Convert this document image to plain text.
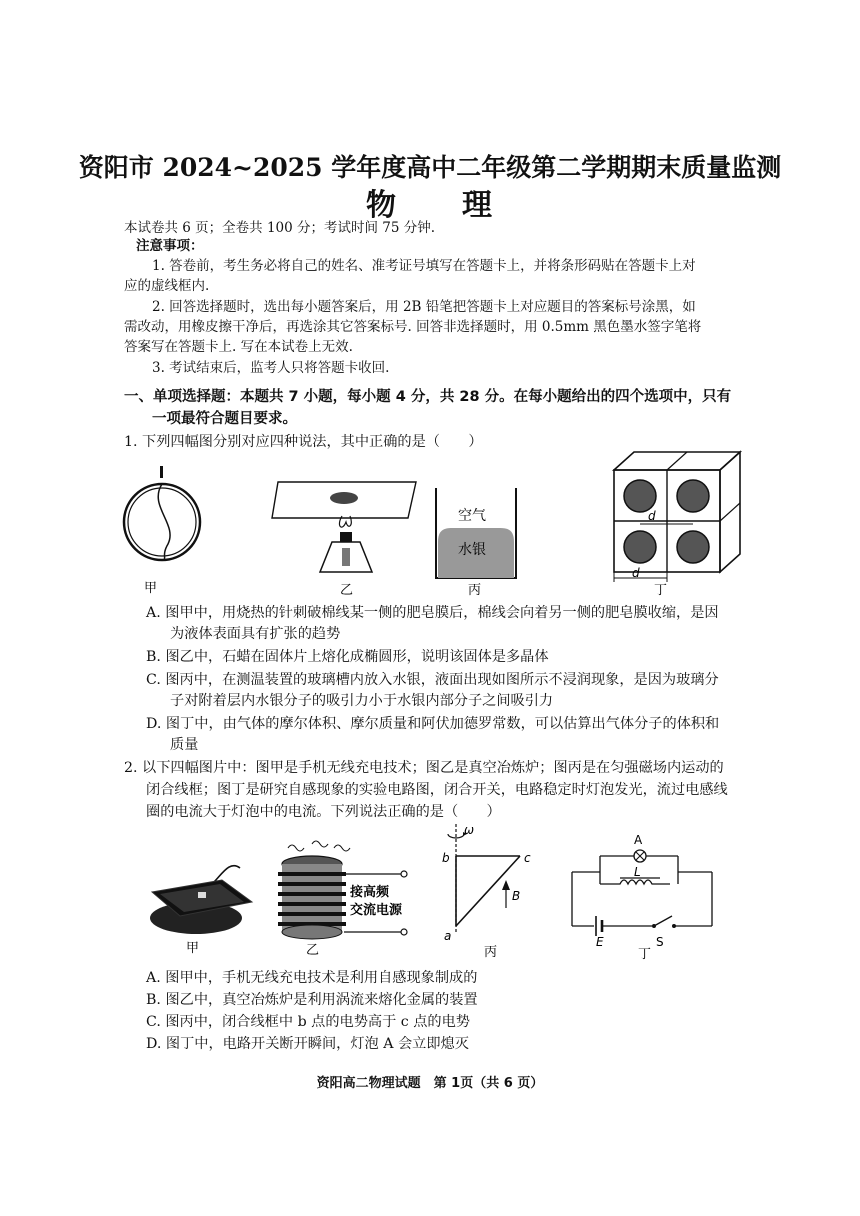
资阳市 2024~2025 学年度高中二年级第二学期期末质量监测
物　　理
本试卷共 6 页；全卷共 100 分；考试时间 75 分钟.
注意事项：
1. 答卷前，考生务必将自己的姓名、准考证号填写在答题卡上，并将条形码贴在答题卡上对
应的虚线框内.
2. 回答选择题时，选出每小题答案后，用 2B 铅笔把答题卡上对应题目的答案标号涂黑，如
需改动，用橡皮擦干净后，再选涂其它答案标号. 回答非选择题时，用 0.5mm 黑色墨水签字笔将
答案写在答题卡上. 写在本试卷上无效.
3. 考试结束后，监考人只将答题卡收回.
一、单项选择题：本题共 7 小题，每小题 4 分，共 28 分。在每小题给出的四个选项中，只有
一项最符合题目要求。
1. 下列四幅图分别对应四种说法，其中正确的是（　　）
甲	乙
空气
水银
丙
d
d
丁
A. 图甲中，用烧热的针刺破棉线某一侧的肥皂膜后，棉线会向着另一侧的肥皂膜收缩，是因
为液体表面具有扩张的趋势
B. 图乙中，石蜡在固体片上熔化成椭圆形，说明该固体是多晶体
C. 图丙中，在测温装置的玻璃槽内放入水银，液面出现如图所示不浸润现象，是因为玻璃分
子对附着层内水银分子的吸引力小于水银内部分子之间吸引力
D. 图丁中，由气体的摩尔体积、摩尔质量和阿伏加德罗常数，可以估算出气体分子的体积和
质量
2. 以下四幅图片中：图甲是手机无线充电技术；图乙是真空冶炼炉；图丙是在匀强磁场内运动的
闭合线框；图丁是研究自感现象的实验电路图，闭合开关，电路稳定时灯泡发光，流过电感线
圈的电流大于灯泡中的电流。下列说法正确的是（　　）
甲
接高频
交流电源
乙
ω
b	c
a
B
丙
A
L
E	S
丁
A. 图甲中，手机无线充电技术是利用自感现象制成的
B. 图乙中，真空冶炼炉是利用涡流来熔化金属的装置
C. 图丙中，闭合线框中 b 点的电势高于 c 点的电势
D. 图丁中，电路开关断开瞬间，灯泡 A 会立即熄灭
资阳高二物理试题　第 1页（共 6 页）
